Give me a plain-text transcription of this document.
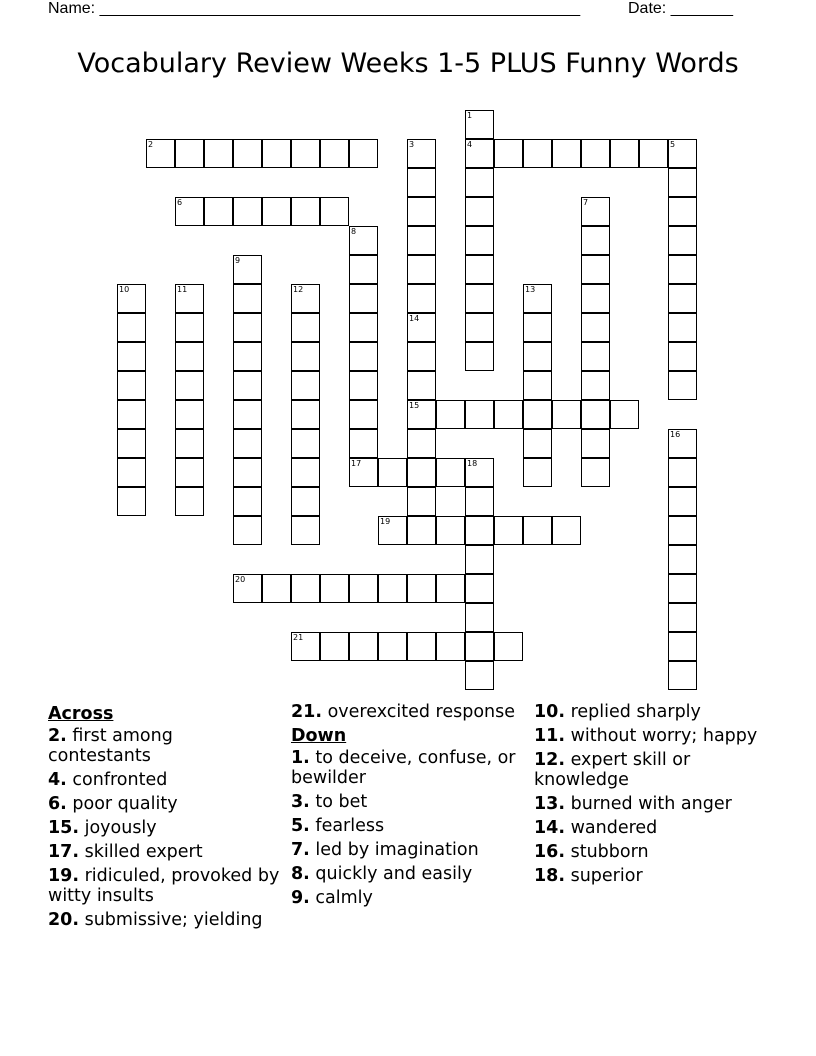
Name: ______________________________________________________	Date: _______
Vocabulary Review Weeks 1-5 PLUS Funny Words
1
4
2	3	5
6	7
8
9
10	11	12	13
14
15
16
17	18
19
20
21
Across
2. first among contestants
4. confronted
6. poor quality
15. joyously
17. skilled expert
19. ridiculed, provoked by witty insults
20. submissive; yielding
21. overexcited response
Down
1. to deceive, confuse, or bewilder
3. to bet
5. fearless
7. led by imagination
8. quickly and easily
9. calmly
10. replied sharply
11. without worry; happy
12. expert skill or knowledge
13. burned with anger
14. wandered
16. stubborn
18. superior
